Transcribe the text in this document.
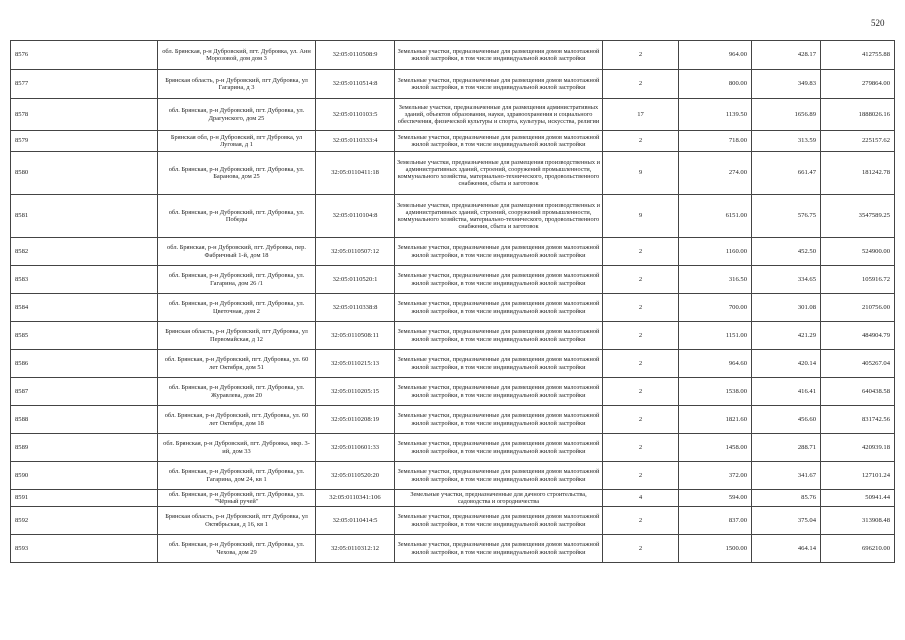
520
8576	обл. Брянская, р-н Дубровский, пгт. Дубровка, ул. Анн Морозовой, дом дом 3	32:05:0110508:9	Земельные участки, предназначенные для размещения домов малоэтажной жилой застройки, в том числе индивидуальной жилой застройки	2	964.00	428.17	412755.88
8577	Брянская область, р-н Дубровский, пгт Дубровка, ул Гагарина, д 3	32:05:0110514:8	Земельные участки, предназначенные для размещения домов малоэтажной жилой застройки, в том числе индивидуальной жилой застройки	2	800.00	349.83	279864.00
8578	обл. Брянская, р-н Дубровский, пгт. Дубровка, ул. Драгунского, дом 25	32:05:0110103:5	Земельные участки, предназначенные для размещения административных зданий, объектов образования, науки, здравоохранения и социального обеспечения, физической культуры и спорта, культуры, искусства, религии	17	1139.50	1656.89	1888026.16
8579	Брянская обл, р-н Дубровский, пгт Дубровка, ул Луговая, д 1	32:05:0110333:4	Земельные участки, предназначенные для размещения домов малоэтажной жилой застройки, в том числе индивидуальной жилой застройки	2	718.00	313.59	225157.62
8580	обл. Брянская, р-н Дубровский, пгт. Дубровка, ул. Баранова, дом 25	32:05:0110411:18	Земельные участки, предназначенные для размещения производственных и административных зданий, строений, сооружений промышленности, коммунального хозяйства, материально-технического, продовольственного снабжения, сбыта и заготовок	9	274.00	661.47	181242.78
8581	обл. Брянская, р-н Дубровский, пгт. Дубровка, ул. Победы	32:05:0110104:8	Земельные участки, предназначенные для размещения производственных и административных зданий, строений, сооружений промышленности, коммунального хозяйства, материально-технического, продовольственного снабжения, сбыта и заготовок	9	6151.00	576.75	3547589.25
8582	обл. Брянская, р-н Дубровский, пгт. Дубровка, пер. Фабричный 1-й, дом 18	32:05:0110507:12	Земельные участки, предназначенные для размещения домов малоэтажной жилой застройки, в том числе индивидуальной жилой застройки	2	1160.00	452.50	524900.00
8583	обл. Брянская, р-н Дубровский, пгт. Дубровка, ул. Гагарина, дом 26 /1	32:05:0110520:1	Земельные участки, предназначенные для размещения домов малоэтажной жилой застройки, в том числе индивидуальной жилой застройки	2	316.50	334.65	105916.72
8584	обл. Брянская, р-н Дубровский, пгт. Дубровка, ул. Цветочная, дом 2	32:05:0110338:8	Земельные участки, предназначенные для размещения домов малоэтажной жилой застройки, в том числе индивидуальной жилой застройки	2	700.00	301.08	210756.00
8585	Брянская область, р-н Дубровский, пгт Дубровка, ул Первомайская, д 12	32:05:0110508:11	Земельные участки, предназначенные для размещения домов малоэтажной жилой застройки, в том числе индивидуальной жилой застройки	2	1151.00	421.29	484904.79
8586	обл. Брянская, р-н Дубровский, пгт. Дубровка, ул. 60 лет Октября, дом 51	32:05:0110215:13	Земельные участки, предназначенные для размещения домов малоэтажной жилой застройки, в том числе индивидуальной жилой застройки	2	964.60	420.14	405267.04
8587	обл. Брянская, р-н Дубровский, пгт. Дубровка, ул. Журавлева, дом 20	32:05:0110205:15	Земельные участки, предназначенные для размещения домов малоэтажной жилой застройки, в том числе индивидуальной жилой застройки	2	1538.00	416.41	640438.58
8588	обл. Брянская, р-н Дубровский, пгт. Дубровка, ул. 60 лет Октября, дом 18	32:05:0110208:19	Земельные участки, предназначенные для размещения домов малоэтажной жилой застройки, в том числе индивидуальной жилой застройки	2	1821.60	456.60	831742.56
8589	обл. Брянская, р-н Дубровский, пгт. Дубровка, мкр. 3-ий, дом 33	32:05:0110601:33	Земельные участки, предназначенные для размещения домов малоэтажной жилой застройки, в том числе индивидуальной жилой застройки	2	1458.00	288.71	420939.18
8590	обл. Брянская, р-н Дубровский, пгт. Дубровка, ул. Гагарина, дом 24, кв 1	32:05:0110520:20	Земельные участки, предназначенные для размещения домов малоэтажной жилой застройки, в том числе индивидуальной жилой застройки	2	372.00	341.67	127101.24
8591	обл. Брянская, р-н Дубровский, пгт. Дубровка, ул. "Чёрный ручей"	32:05:0110341:106	Земельные участки, предназначенные для дачного строительства, садоводства и огородничества	4	594.00	85.76	50941.44
8592	Брянская область, р-н Дубровский, пгт Дубровка, ул Октябрьская, д 16, кв 1	32:05:0110414:5	Земельные участки, предназначенные для размещения домов малоэтажной жилой застройки, в том числе индивидуальной жилой застройки	2	837.00	375.04	313908.48
8593	обл. Брянская, р-н Дубровский, пгт. Дубровка, ул. Чехова, дом 29	32:05:0110312:12	Земельные участки, предназначенные для размещения домов малоэтажной жилой застройки, в том числе индивидуальной жилой застройки	2	1500.00	464.14	696210.00
